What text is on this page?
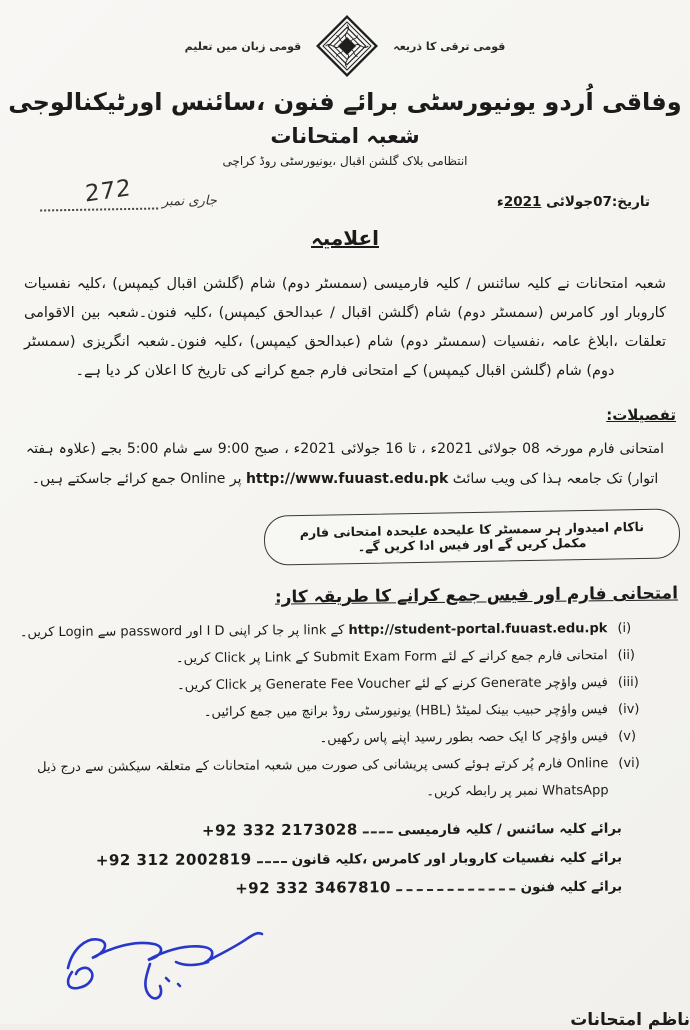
قومی زبان میں تعلیم	قومی ترقی کا ذریعہ
وفاقی اُردو یونیورسٹی برائے فنون ،سائنس اورٹیکنالوجی
شعبہ امتحانات
انتظامی بلاک گلشن اقبال ،یونیورسٹی روڈ کراچی
جاری نمبر
272	تاریخ:07جولائی 2021ء
اعلامیہ
شعبہ امتحانات نے کلیہ سائنس / کلیہ فارمیسی (سمسٹر دوم) شام (گلشن اقبال کیمپس) ،کلیہ نفسیات کاروبار اور کامرس (سمسٹر دوم) شام (گلشن اقبال / عبدالحق کیمپس) ،کلیہ فنون۔شعبہ بین الاقوامی تعلقات ،ابلاغ عامہ ،نفسیات (سمسٹر دوم) شام (عبدالحق کیمپس) ،کلیہ فنون۔شعبہ انگریزی (سمسٹر دوم) شام (گلشن اقبال کیمپس) کے امتحانی فارم جمع کرانے کی تاریخ کا اعلان کر دیا ہے۔
تفصیلات:
امتحانی فارم مورخہ 08 جولائی 2021ء ، تا 16 جولائی 2021ء ، صبح 9:00 سے شام 5:00 بجے (علاوہ ہفتہ اتوار) تک جامعہ ہذا کی ویب سائٹ http://www.fuuast.edu.pk پر Online جمع کرائے جاسکتے ہیں۔
ناکام امیدوار ہر سمسٹر کا علیحدہ علیحدہ امتحانی فارم مکمل کریں گے اور فیس ادا کریں گے۔
امتحانی فارم اور فیس جمع کرانے کا طریقہ کار:
(i)
http://student-portal.fuuast.edu.pk کے link پر جا کر اپنی I D اور password سے Login کریں۔
(ii)
امتحانی فارم جمع کرانے کے لئے Submit Exam Form کے Link پر Click کریں۔
(iii)
فیس واؤچر Generate کرنے کے لئے Generate Fee Voucher پر Click کریں۔
(iv)
فیس واؤچر حبیب بینک لمیٹڈ (HBL) یونیورسٹی روڈ برانچ میں جمع کرائیں۔
(v)
فیس واؤچر کا ایک حصہ بطور رسید اپنے پاس رکھیں۔
(vi)
Online فارم پُر کرتے ہوئے کسی پریشانی کی صورت میں شعبہ امتحانات کے متعلقہ سیکشن سے درج ذیل WhatsApp نمبر پر رابطہ کریں۔
برائے کلیہ سائنس / کلیہ فارمیسی
+92 332 2173028
برائے کلیہ نفسیات کاروبار اور کامرس ،کلیہ قانون
+92 312 2002819
برائے کلیہ فنون
+92 332 3467810
ناظم امتحانات
